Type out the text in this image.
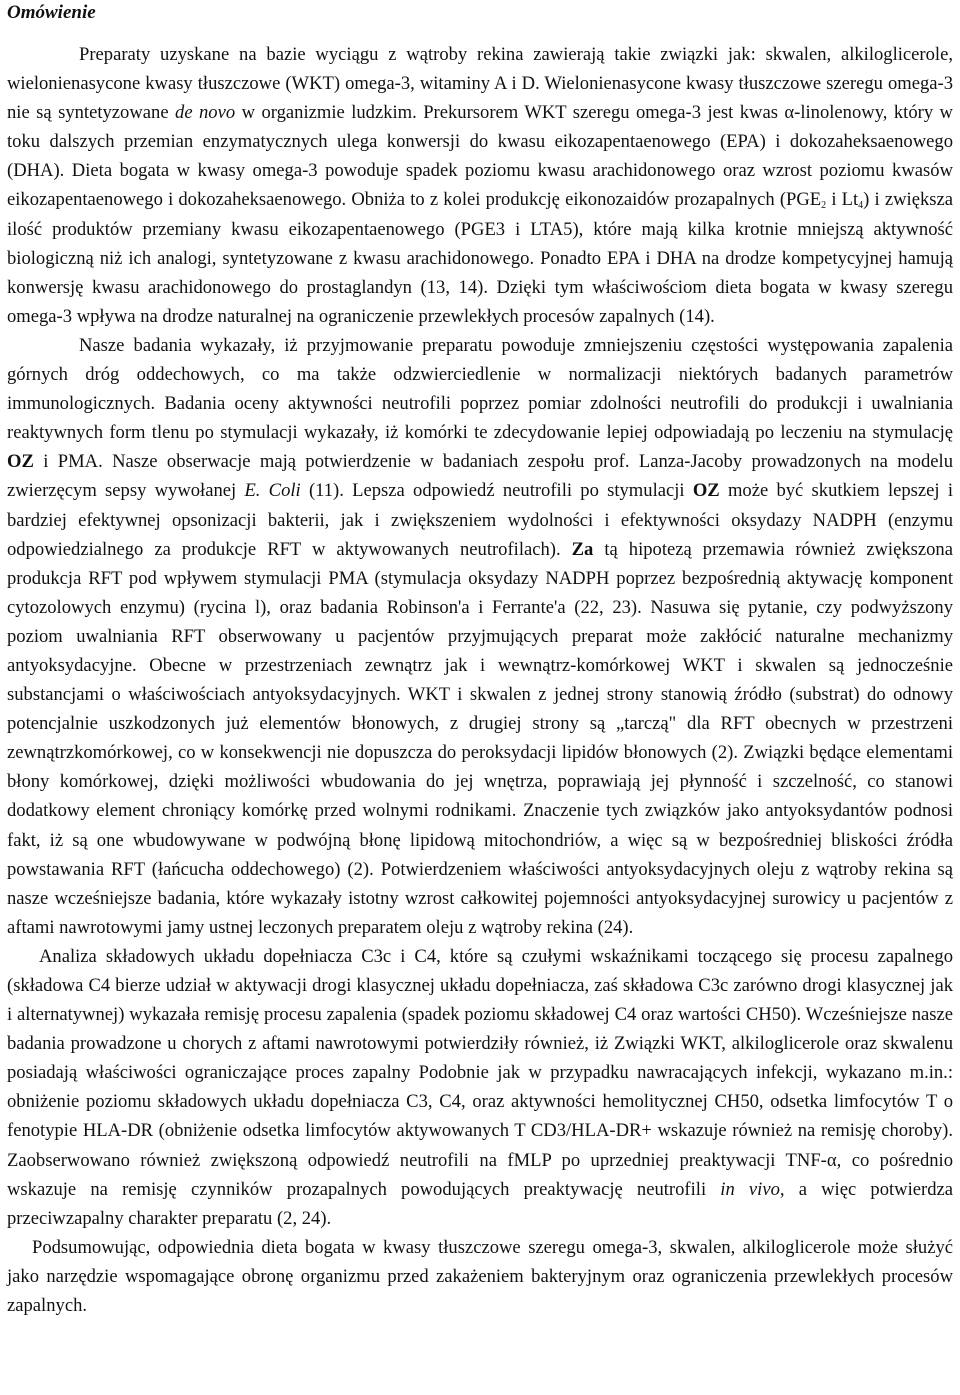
Omówienie

Preparaty uzyskane na bazie wyciągu z wątroby rekina zawierają takie związki jak: skwalen, alkiloglicerole, wielonienasycone kwasy tłuszczowe (WKT) omega-3, witaminy A i D. Wielonienasycone kwasy tłuszczowe szeregu omega-3 nie są syntetyzowane de novo w organizmie ludzkim. Prekursorem WKT szeregu omega-3 jest kwas α-linolenowy, który w toku dalszych przemian enzymatycznych ulega konwersji do kwasu eikozapentaenowego (EPA) i dokozaheksaenowego (DHA). Dieta bogata w kwasy omega-3 powoduje spadek poziomu kwasu arachidonowego oraz wzrost poziomu kwasów eikozapentaenowego i dokozaheksaenowego. Obniża to z kolei produkcję eikonozaidów prozapalnych ($PGE_2$ i $Lt_4$) i zwiększa ilość produktów przemiany kwasu eikozapentaenowego (PGE3 i LTA5), które mają kilka krotnie mniejszą aktywność biologiczną niż ich analogi, syntetyzowane z kwasu arachidonowego. Ponadto EPA i DHA na drodze kompetycyjnej hamują konwersję kwasu arachidonowego do prostaglandyn (13, 14). Dzięki tym właściwościom dieta bogata w kwasy szeregu omega-3 wpływa na drodze naturalnej na ograniczenie przewlekłych procesów zapalnych (14).

Nasze badania wykazały, iż przyjmowanie preparatu powoduje zmniejszeniu częstości występowania zapalenia górnych dróg oddechowych, co ma także odzwierciedlenie w normalizacji niektórych badanych parametrów immunologicznych. Badania oceny aktywności neutrofili poprzez pomiar zdolności neutrofili do produkcji i uwalniania reaktywnych form tlenu po stymulacji wykazały, iż komórki te zdecydowanie lepiej odpowiadają po leczeniu na stymulację OZ i PMA. Nasze obserwacje mają potwierdzenie w badaniach zespołu prof. Lanza-Jacoby prowadzonych na modelu zwierzęcym sepsy wywołanej E. Coli (11). Lepsza odpowiedź neutrofili po stymulacji OZ może być skutkiem lepszej i bardziej efektywnej opsonizacji bakterii, jak i zwiększeniem wydolności i efektywności oksydazy NADPH (enzymu odpowiedzialnego za produkcje RFT w aktywowanych neutrofilach). Za tą hipotezą przemawia również zwiększona produkcja RFT pod wpływem stymulacji PMA (stymulacja oksydazy NADPH poprzez bezpośrednią aktywację komponent cytozolowych enzymu) (rycina l), oraz badania Robinson'a i Ferrante'a (22, 23). Nasuwa się pytanie, czy podwyższony poziom uwalniania RFT obserwowany u pacjentów przyjmujących preparat może zakłócić naturalne mechanizmy antyoksydacyjne. Obecne w przestrzeniach zewnątrz jak i wewnątrz-komórkowej WKT i skwalen są jednocześnie substancjami o właściwościach antyoksydacyjnych. WKT i skwalen z jednej strony stanowią źródło (substrat) do odnowy potencjalnie uszkodzonych już elementów błonowych, z drugiej strony są „tarczą" dla RFT obecnych w przestrzeni zewnątrzkomórkowej, co w konsekwencji nie dopuszcza do peroksydacji lipidów błonowych (2). Związki będące elementami błony komórkowej, dzięki możliwości wbudowania do jej wnętrza, poprawiają jej płynność i szczelność, co stanowi dodatkowy element chroniący komórkę przed wolnymi rodnikami. Znaczenie tych związków jako antyoksydantów podnosi fakt, iż są one wbudowywane w podwójną błonę lipidową mitochondriów, a więc są w bezpośredniej bliskości źródła powstawania RFT (łańcucha oddechowego) (2). Potwierdzeniem właściwości antyoksydacyjnych oleju z wątroby rekina są nasze wcześniejsze badania, które wykazały istotny wzrost całkowitej pojemności antyoksydacyjnej surowicy u pacjentów z aftami nawrotowymi jamy ustnej leczonych preparatem oleju z wątroby rekina (24).

Analiza składowych układu dopełniacza C3c i C4, które są czułymi wskaźnikami toczącego się procesu zapalnego (składowa C4 bierze udział w aktywacji drogi klasycznej układu dopełniacza, zaś składowa C3c zarówno drogi klasycznej jak i alternatywnej) wykazała remisję procesu zapalenia (spadek poziomu składowej C4 oraz wartości CH50). Wcześniejsze nasze badania prowadzone u chorych z aftami nawrotowymi potwierdziły również, iż Związki WKT, alkiloglicerole oraz skwalenu posiadają właściwości ograniczające proces zapalny Podobnie jak w przypadku nawracających infekcji, wykazano m.in.: obniżenie poziomu składowych układu dopełniacza C3, C4, oraz aktywności hemolitycznej CH50, odsetka limfocytów T o fenotypie HLA-DR (obniżenie odsetka limfocytów aktywowanych T CD3/HLA-DR+ wskazuje również na remisję choroby). Zaobserwowano również zwiększoną odpowiedź neutrofili na fMLP po uprzedniej preaktywacji TNF-α, co pośrednio wskazuje na remisję czynników prozapalnych powodujących preaktywację neutrofili in vivo, a więc potwierdza przeciwzapalny charakter preparatu (2, 24).

Podsumowując, odpowiednia dieta bogata w kwasy tłuszczowe szeregu omega-3, skwalen, alkiloglicerole może służyć jako narzędzie wspomagające obronę organizmu przed zakażeniem bakteryjnym oraz ograniczenia przewlekłych procesów zapalnych.
